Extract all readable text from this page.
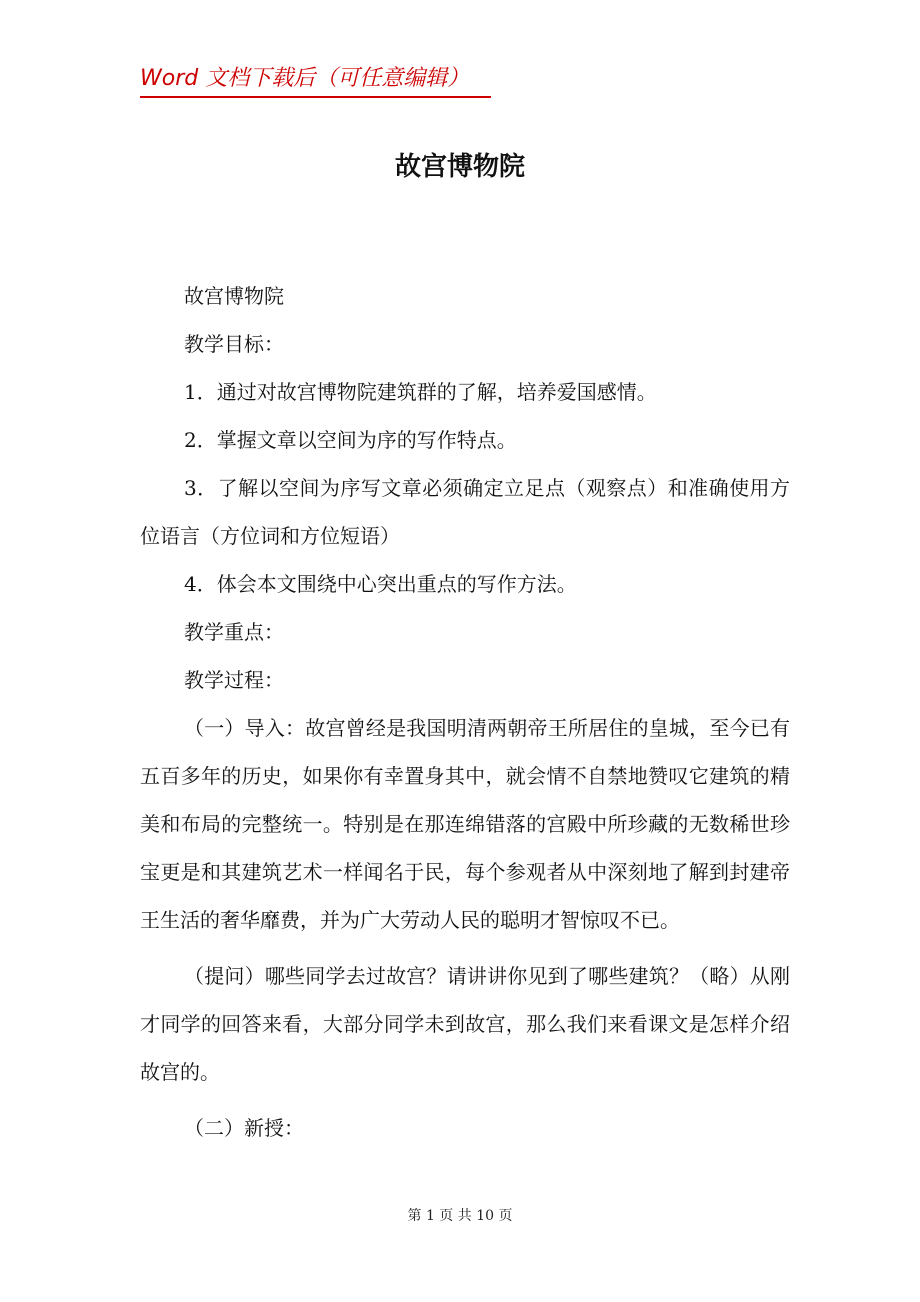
Word 文档下载后（可任意编辑）
故宫博物院

故宫博物院

教学目标：

1．通过对故宫博物院建筑群的了解，培养爱国感情。

2．掌握文章以空间为序的写作特点。

3．了解以空间为序写文章必须确定立足点（观察点）和准确使用方位语言（方位词和方位短语）

4．体会本文围绕中心突出重点的写作方法。

教学重点：

教学过程：

（一）导入：故宫曾经是我国明清两朝帝王所居住的皇城，至今已有五百多年的历史，如果你有幸置身其中，就会情不自禁地赞叹它建筑的精美和布局的完整统一。特别是在那连绵错落的宫殿中所珍藏的无数稀世珍宝更是和其建筑艺术一样闻名于民，每个参观者从中深刻地了解到封建帝王生活的奢华靡费，并为广大劳动人民的聪明才智惊叹不已。

（提问）哪些同学去过故宫？请讲讲你见到了哪些建筑？（略）从刚才同学的回答来看，大部分同学未到故宫，那么我们来看课文是怎样介绍故宫的。

（二）新授：

第 1 页 共 10 页
